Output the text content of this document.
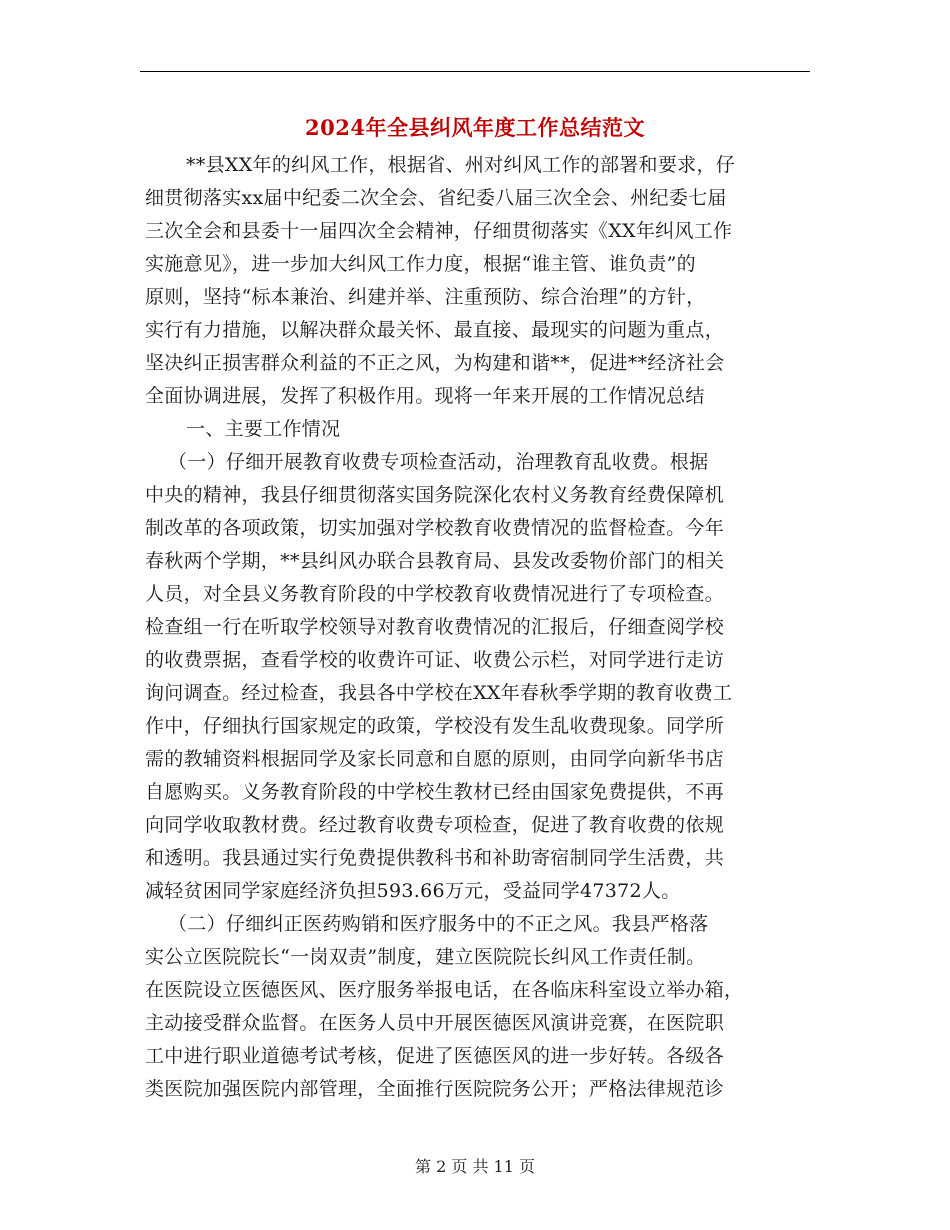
2024年全县纠风年度工作总结范文
**县XX年的纠风工作，根据省、州对纠风工作的部署和要求，仔
细贯彻落实xx届中纪委二次全会、省纪委八届三次全会、州纪委七届
三次全会和县委十一届四次全会精神，仔细贯彻落实《XX年纠风工作
实施意见》，进一步加大纠风工作力度，根据“谁主管、谁负责”的
原则，坚持“标本兼治、纠建并举、注重预防、综合治理”的方针，
实行有力措施，以解决群众最关怀、最直接、最现实的问题为重点，
坚决纠正损害群众利益的不正之风，为构建和谐**，促进**经济社会
全面协调进展，发挥了积极作用。现将一年来开展的工作情况总结
一、主要工作情况
（一）仔细开展教育收费专项检查活动，治理教育乱收费。根据
中央的精神，我县仔细贯彻落实国务院深化农村义务教育经费保障机
制改革的各项政策，切实加强对学校教育收费情况的监督检查。今年
春秋两个学期，**县纠风办联合县教育局、县发改委物价部门的相关
人员，对全县义务教育阶段的中学校教育收费情况进行了专项检查。
检查组一行在听取学校领导对教育收费情况的汇报后，仔细查阅学校
的收费票据，查看学校的收费许可证、收费公示栏，对同学进行走访
询问调查。经过检查，我县各中学校在XX年春秋季学期的教育收费工
作中，仔细执行国家规定的政策，学校没有发生乱收费现象。同学所
需的教辅资料根据同学及家长同意和自愿的原则，由同学向新华书店
自愿购买。义务教育阶段的中学校生教材已经由国家免费提供，不再
向同学收取教材费。经过教育收费专项检查，促进了教育收费的依规
和透明。我县通过实行免费提供教科书和补助寄宿制同学生活费，共
减轻贫困同学家庭经济负担593.66万元，受益同学47372人。
（二）仔细纠正医药购销和医疗服务中的不正之风。我县严格落
实公立医院院长“一岗双责”制度，建立医院院长纠风工作责任制。
在医院设立医德医风、医疗服务举报电话，在各临床科室设立举办箱，
主动接受群众监督。在医务人员中开展医德医风演讲竞赛，在医院职
工中进行职业道德考试考核，促进了医德医风的进一步好转。各级各
类医院加强医院内部管理，全面推行医院院务公开；严格法律规范诊
第 2 页 共 11 页
